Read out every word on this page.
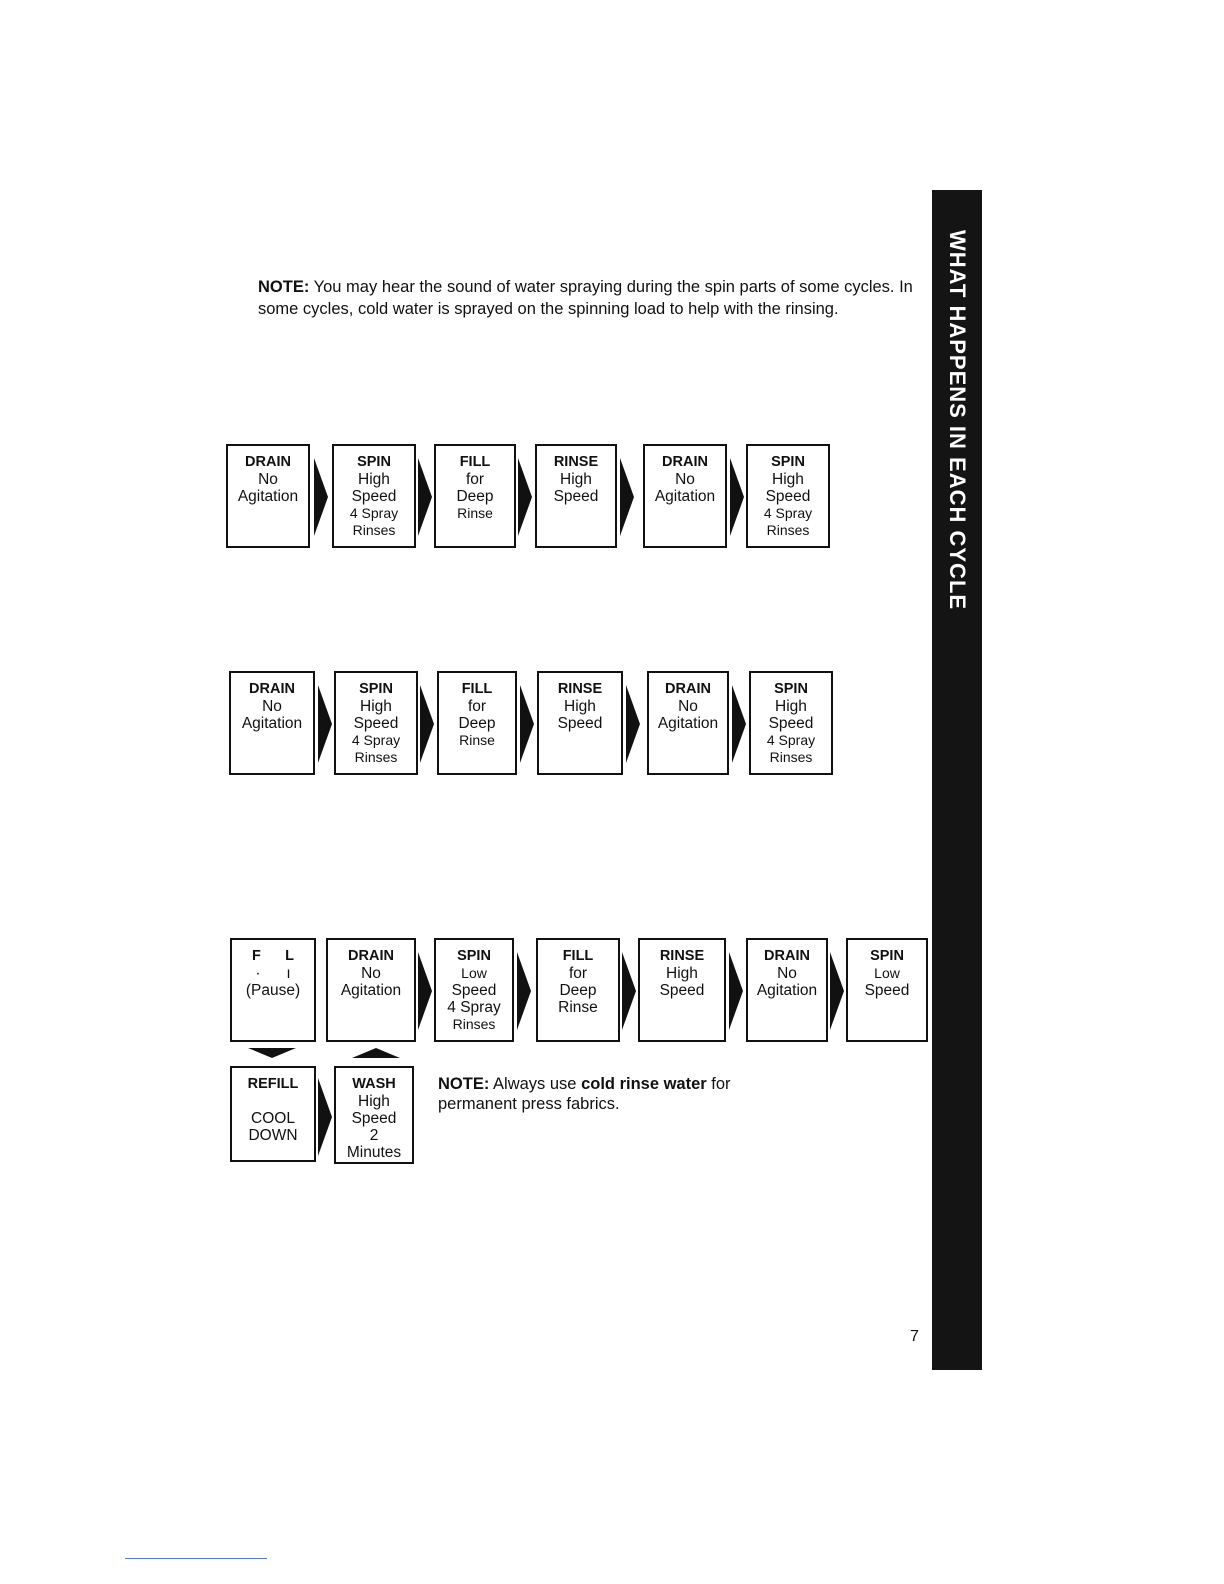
WHAT HAPPENS IN EACH CYCLE

NOTE: You may hear the sound of water spraying during the spin parts of some cycles. In some cycles, cold water is sprayed on the spinning load to help with the rinsing.

DRAIN
No
Agitation
SPIN
High
Speed
4 Spray
Rinses
FILL
for
Deep
Rinse
RINSE
High
Speed
DRAIN
No
Agitation
SPIN
High
Speed
4 Spray
Rinses
DRAIN
No
Agitation
SPIN
High
Speed
4 Spray
Rinses
FILL
for
Deep
Rinse
RINSE
High
Speed
DRAIN
No
Agitation
SPIN
High
Speed
4 Spray
Rinses
F      L
·      ı
(Pause)
DRAIN
No
Agitation
SPIN
Low
Speed
4 Spray
Rinses
FILL
for
Deep
Rinse
RINSE
High
Speed
DRAIN
No
Agitation
SPIN
Low
Speed
REFILL
COOL
DOWN
WASH
High
Speed
2
Minutes

NOTE: Always use cold rinse water for permanent press fabrics.

7
